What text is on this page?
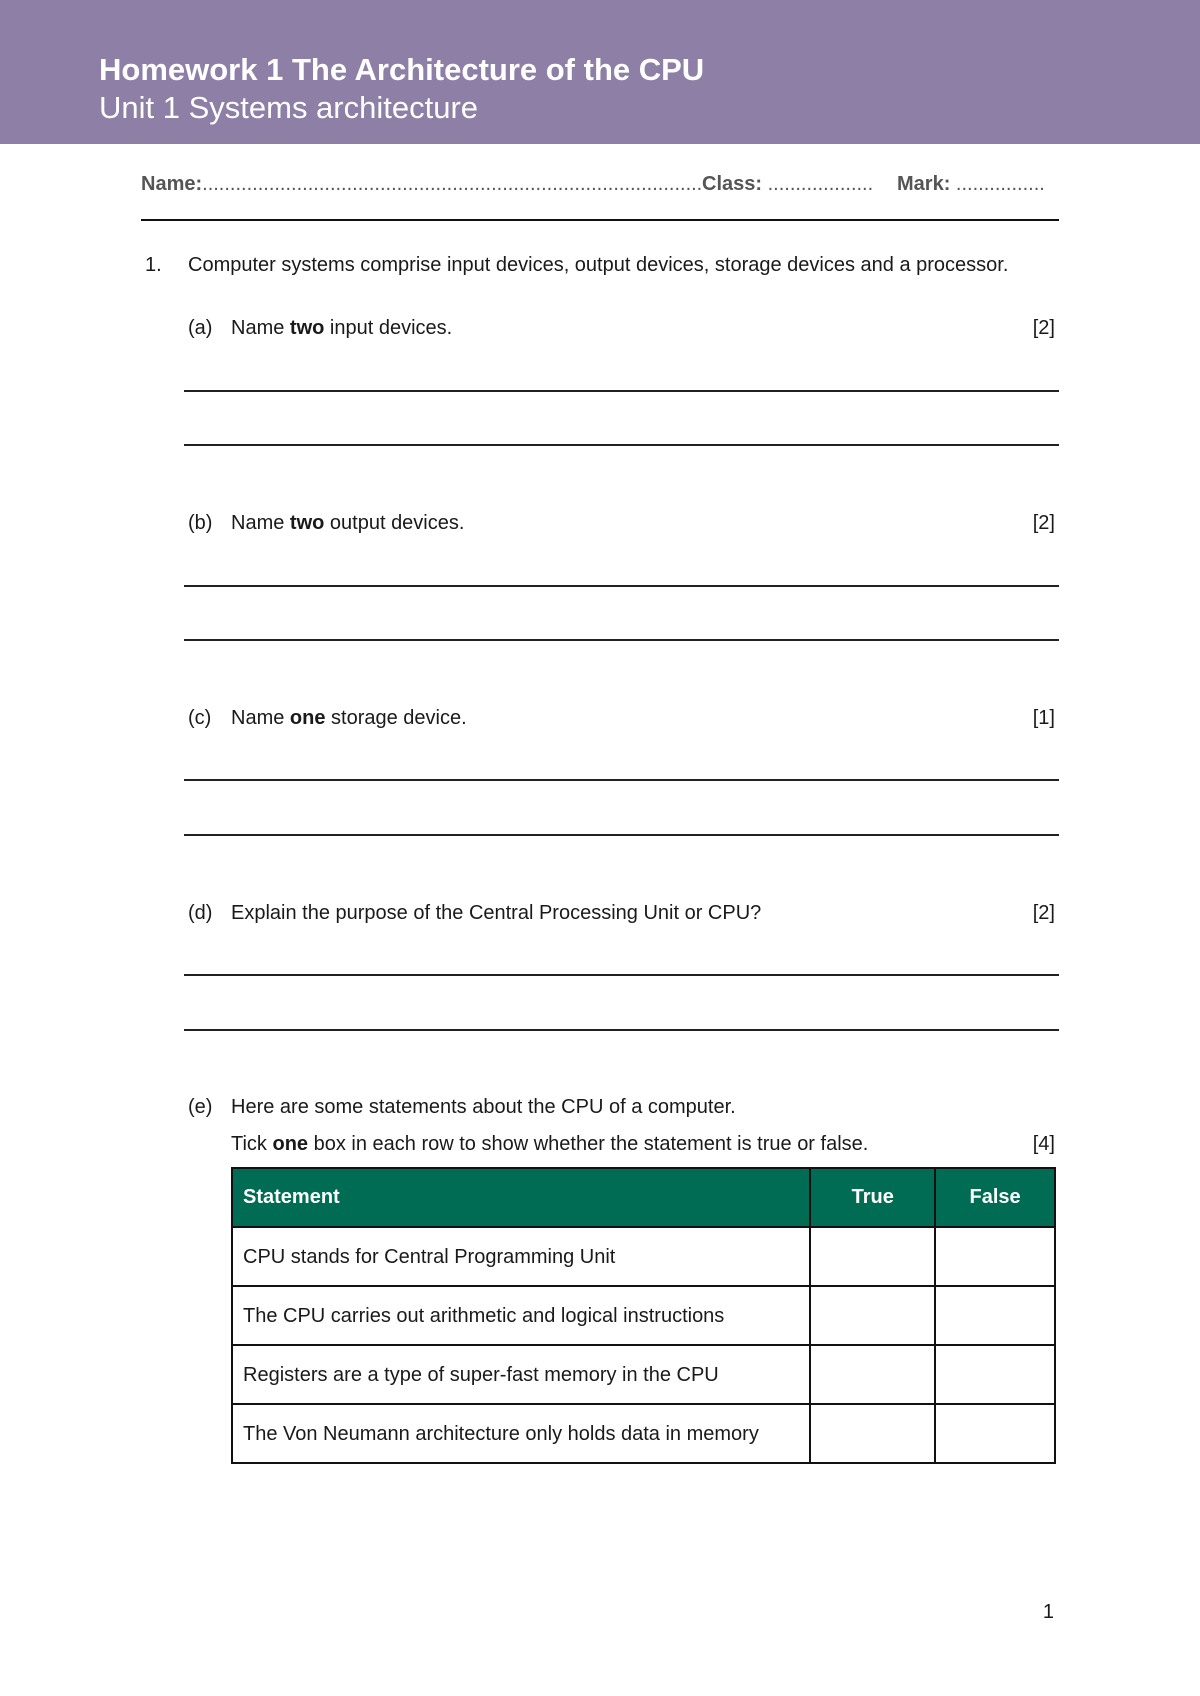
Homework 1 The Architecture of the CPU
Unit 1 Systems architecture
Name:.......................................................................................... Class: ................... Mark: ................
1. Computer systems comprise input devices, output devices, storage devices and a processor.
(a) Name two input devices.	[2]
(b) Name two output devices.	[2]
(c) Name one storage device.	[1]
(d) Explain the purpose of the Central Processing Unit or CPU?	[2]
(e) Here are some statements about the CPU of a computer.
Tick one box in each row to show whether the statement is true or false.	[4]
Statement	True	False
CPU stands for Central Programming Unit		
The CPU carries out arithmetic and logical instructions		
Registers are a type of super-fast memory in the CPU		
The Von Neumann architecture only holds data in memory		
1
